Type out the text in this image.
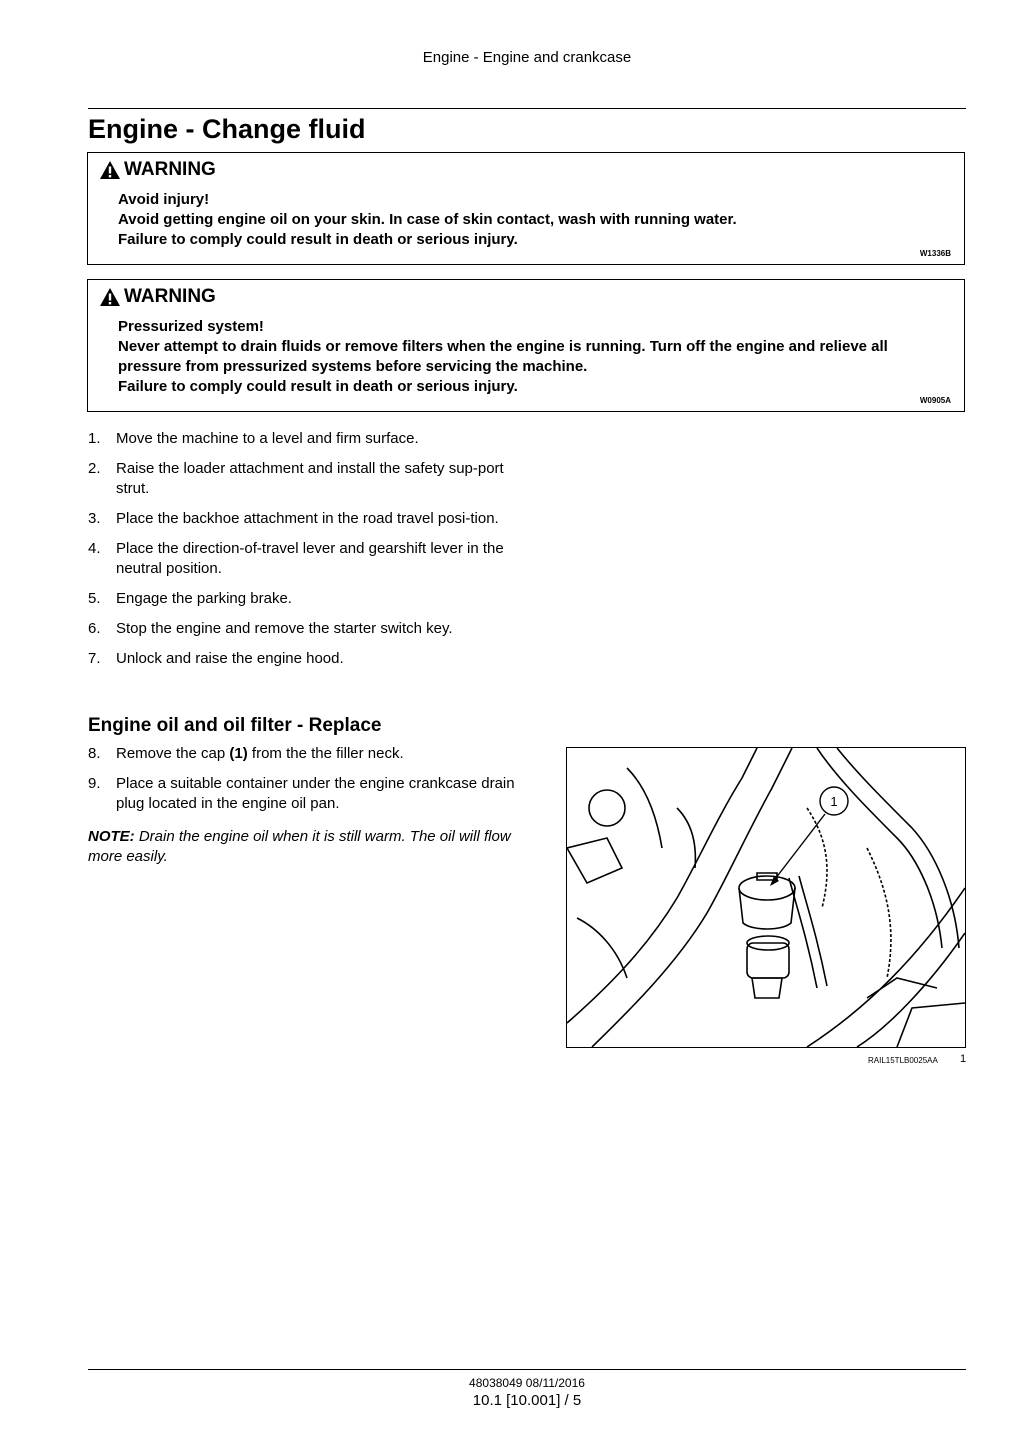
Engine - Engine and crankcase
Engine - Change fluid
WARNING
Avoid injury!
Avoid getting engine oil on your skin. In case of skin contact, wash with running water.
Failure to comply could result in death or serious injury.
W1336B
WARNING
Pressurized system!
Never attempt to drain fluids or remove filters when the engine is running. Turn off the engine and relieve all pressure from pressurized systems before servicing the machine.
Failure to comply could result in death or serious injury.
W0905A
1. Move the machine to a level and firm surface.
2. Raise the loader attachment and install the safety sup-port strut.
3. Place the backhoe attachment in the road travel posi-tion.
4. Place the direction-of-travel lever and gearshift lever in the neutral position.
5. Engage the parking brake.
6. Stop the engine and remove the starter switch key.
7. Unlock and raise the engine hood.
Engine oil and oil filter - Replace
8. Remove the cap (1) from the the filler neck.
9. Place a suitable container under the engine crankcase drain plug located in the engine oil pan.
NOTE: Drain the engine oil when it is still warm. The oil will flow more easily.
1
RAIL15TLB0025AA 1
48038049 08/11/2016
10.1 [10.001] / 5
